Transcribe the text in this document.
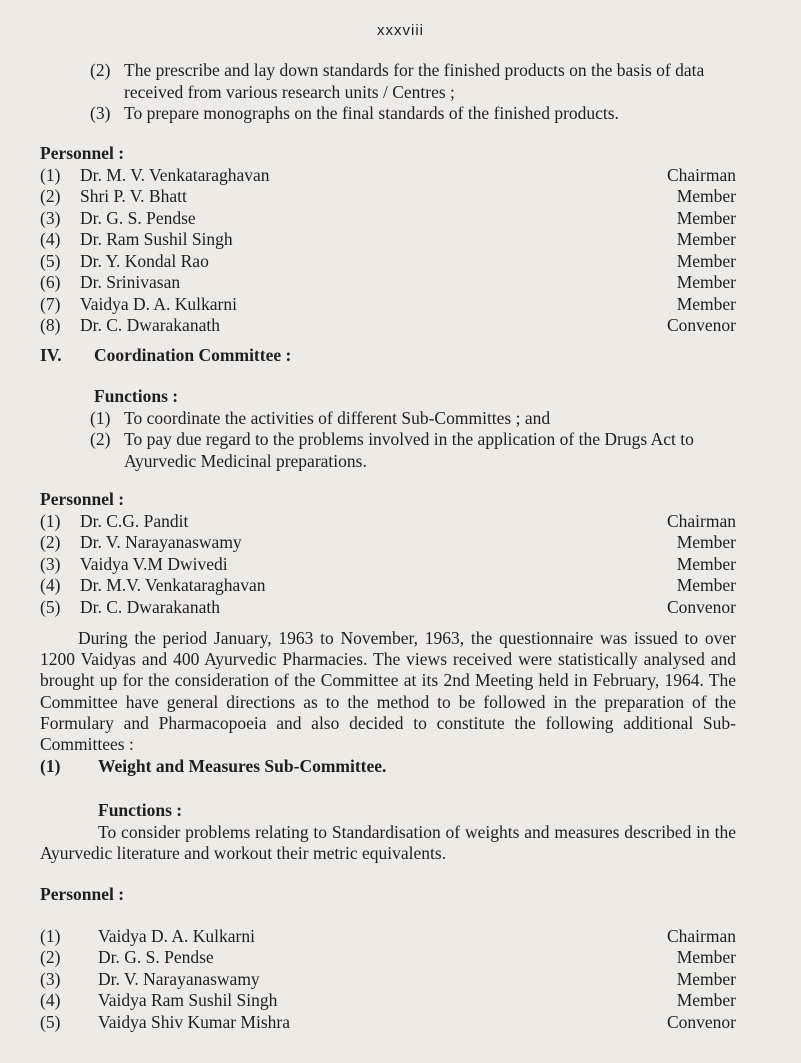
xxxviii
(2) The prescribe and lay down standards for the finished products on the basis of data received from various research units / Centres ;
(3) To prepare monographs on the final standards of the finished products.
Personnel :
(1) Dr. M. V. Venkataraghavan	Chairman
(2) Shri P. V. Bhatt	Member
(3) Dr. G. S. Pendse	Member
(4) Dr. Ram Sushil Singh	Member
(5) Dr. Y. Kondal Rao	Member
(6) Dr. Srinivasan	Member
(7) Vaidya D. A. Kulkarni	Member
(8) Dr. C. Dwarakanath	Convenor
IV. Coordination Committee :
Functions :
(1) To coordinate the activities of different Sub-Committes ; and
(2) To pay due regard to the problems involved in the application of the Drugs Act to Ayurvedic Medicinal preparations.
Personnel :
(1) Dr. C.G. Pandit	Chairman
(2) Dr. V. Narayanaswamy	Member
(3) Vaidya V.M Dwivedi	Member
(4) Dr. M.V. Venkataraghavan	Member
(5) Dr. C. Dwarakanath	Convenor

During the period January, 1963 to November, 1963, the questionnaire was issued to over 1200 Vaidyas and 400 Ayurvedic Pharmacies. The views received were statistically analysed and brought up for the consideration of the Committee at its 2nd Meeting held in February, 1964. The Committee have general directions as to the method to be followed in the preparation of the Formulary and Pharmacopoeia and also decided to constitute the following additional Sub-Committees :

(1) Weight and Measures Sub-Committee.
Functions :
To consider problems relating to Standardisation of weights and measures described in the Ayurvedic literature and workout their metric equivalents.
Personnel :
(1) Vaidya D. A. Kulkarni	Chairman
(2) Dr. G. S. Pendse	Member
(3) Dr. V. Narayanaswamy	Member
(4) Vaidya Ram Sushil Singh	Member
(5) Vaidya Shiv Kumar Mishra	Convenor
